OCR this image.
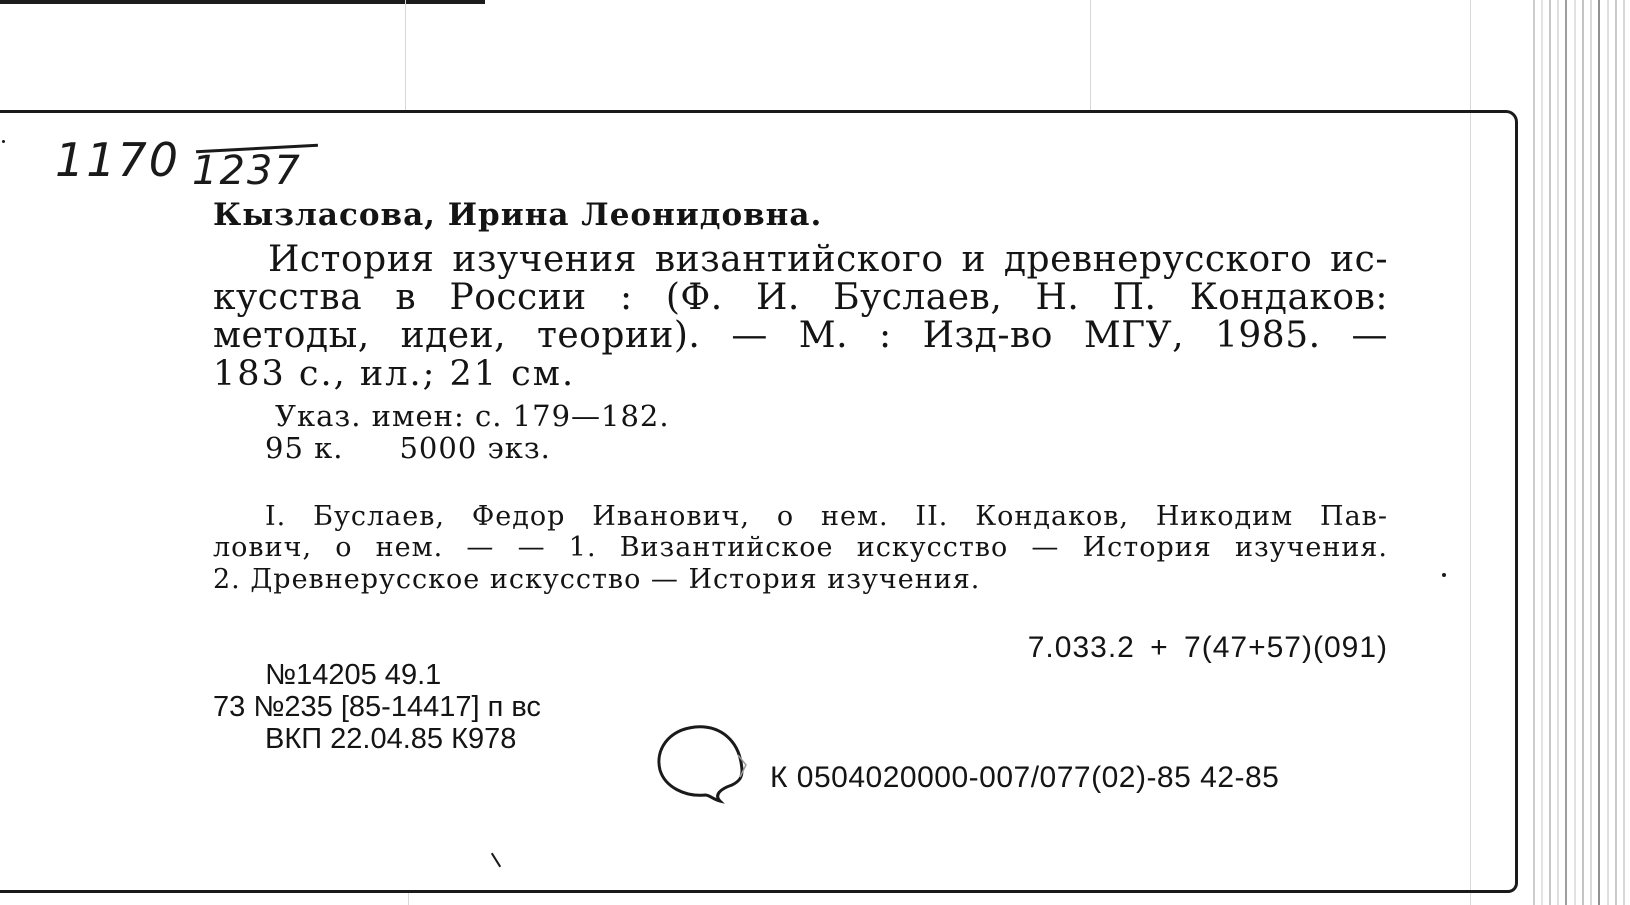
1170 1237
Кызласова, Ирина Леонидовна.
История изучения византийского и древнерусского ис-
кусства в России : (Ф. И. Буслаев, Н. П. Кондаков:
методы, идеи, теории). — М. : Изд-во МГУ, 1985. —
183 с., ил.; 21 см.
Указ. имен: с. 179—182.
95 к. 5000 экз.
I. Буслаев, Федор Иванович, о нем. II. Кондаков, Никодим Пав-
лович, о нем. — — 1. Византийское искусство — История изучения.
2. Древнерусское искусство — История изучения.
7.033.2 + 7(47+57)(091)
№14205 49.1
73 №235 [85-14417] п вс
ВКП 22.04.85 К978
К 0504020000-007/077(02)-85 42-85
